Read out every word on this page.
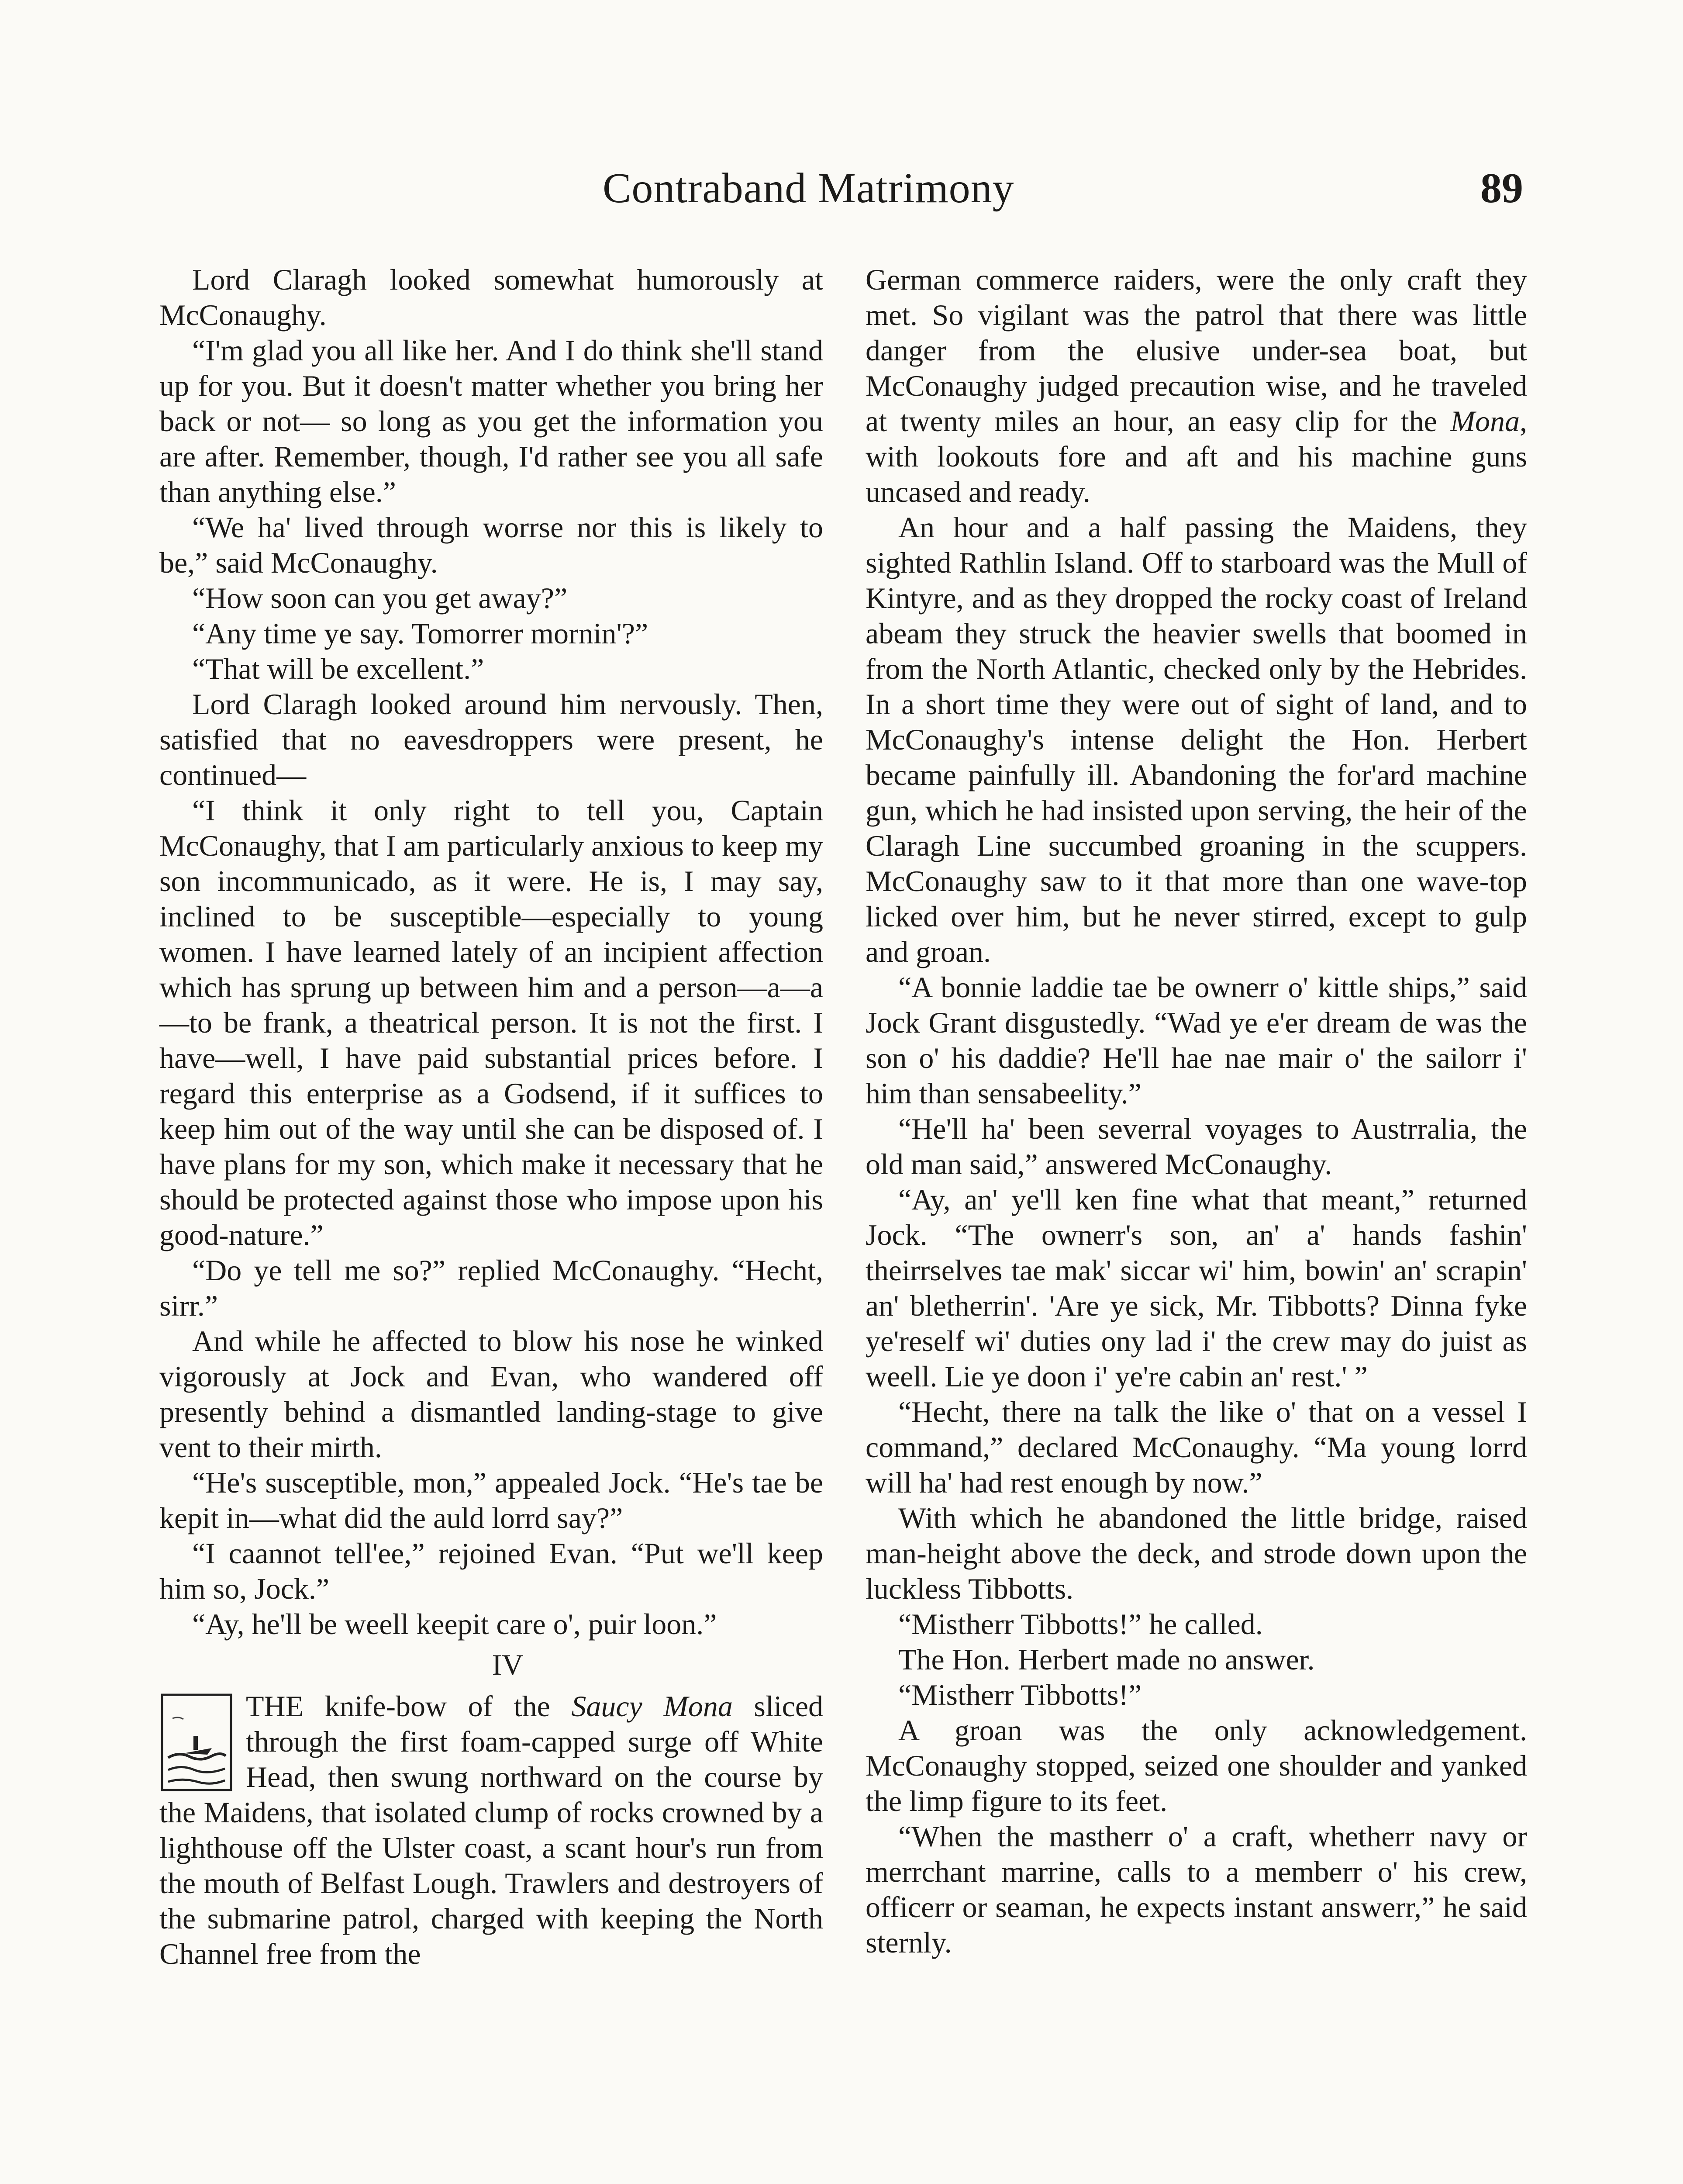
Contraband Matrimony	89

Lord Claragh looked somewhat humorously at McConaughy.

“I'm glad you all like her. And I do think she'll stand up for you. But it doesn't matter whether you bring her back or not— so long as you get the information you are after. Remember, though, I'd rather see you all safe than anything else.”

“We ha' lived through worrse nor this is likely to be,” said McConaughy.

“How soon can you get away?”

“Any time ye say. Tomorrer mornin'?”

“That will be excellent.”

Lord Claragh looked around him nervously. Then, satisfied that no eavesdroppers were present, he continued—

“I think it only right to tell you, Captain McConaughy, that I am particularly anxious to keep my son incommunicado, as it were. He is, I may say, inclined to be susceptible—especially to young women. I have learned lately of an incipient affection which has sprung up between him and a person—a—a—to be frank, a theatrical person. It is not the first. I have—well, I have paid substantial prices before. I regard this enterprise as a Godsend, if it suffices to keep him out of the way until she can be disposed of. I have plans for my son, which make it necessary that he should be protected against those who impose upon his good-nature.”

“Do ye tell me so?” replied McConaughy. “Hecht, sirr.”

And while he affected to blow his nose he winked vigorously at Jock and Evan, who wandered off presently behind a dismantled landing-stage to give vent to their mirth.

“He's susceptible, mon,” appealed Jock. “He's tae be kepit in—what did the auld lorrd say?”

“I caannot tell'ee,” rejoined Evan. “Put we'll keep him so, Jock.”

“Ay, he'll be weell keepit care o', puir loon.”

IV

THE knife-bow of the Saucy Mona sliced through the first foam-capped surge off White Head, then swung northward on the course by the Maidens, that isolated clump of rocks crowned by a lighthouse off the Ulster coast, a scant hour's run from the mouth of Belfast Lough. Trawlers and destroyers of the submarine patrol, charged with keeping the North Channel free from the

German commerce raiders, were the only craft they met. So vigilant was the patrol that there was little danger from the elusive under-sea boat, but McConaughy judged precaution wise, and he traveled at twenty miles an hour, an easy clip for the Mona, with lookouts fore and aft and his machine guns uncased and ready.

An hour and a half passing the Maidens, they sighted Rathlin Island. Off to starboard was the Mull of Kintyre, and as they dropped the rocky coast of Ireland abeam they struck the heavier swells that boomed in from the North Atlantic, checked only by the Hebrides. In a short time they were out of sight of land, and to McConaughy's intense delight the Hon. Herbert became painfully ill. Abandoning the for'ard machine gun, which he had insisted upon serving, the heir of the Claragh Line succumbed groaning in the scuppers. McConaughy saw to it that more than one wave-top licked over him, but he never stirred, except to gulp and groan.

“A bonnie laddie tae be ownerr o' kittle ships,” said Jock Grant disgustedly. “Wad ye e'er dream de was the son o' his daddie? He'll hae nae mair o' the sailorr i' him than sensabeelity.”

“He'll ha' been severral voyages to Austrralia, the old man said,” answered McConaughy.

“Ay, an' ye'll ken fine what that meant,” returned Jock. “The ownerr's son, an' a' hands fashin' theirrselves tae mak' siccar wi' him, bowin' an' scrapin' an' bletherrin'. 'Are ye sick, Mr. Tibbotts? Dinna fyke ye'reself wi' duties ony lad i' the crew may do juist as weell. Lie ye doon i' ye're cabin an' rest.' ”

“Hecht, there na talk the like o' that on a vessel I command,” declared McConaughy. “Ma young lorrd will ha' had rest enough by now.”

With which he abandoned the little bridge, raised man-height above the deck, and strode down upon the luckless Tibbotts.

“Mistherr Tibbotts!” he called.

The Hon. Herbert made no answer.

“Mistherr Tibbotts!”

A groan was the only acknowledgement. McConaughy stopped, seized one shoulder and yanked the limp figure to its feet.

“When the mastherr o' a craft, whetherr navy or merrchant marrine, calls to a memberr o' his crew, officerr or seaman, he expects instant answerr,” he said sternly.
